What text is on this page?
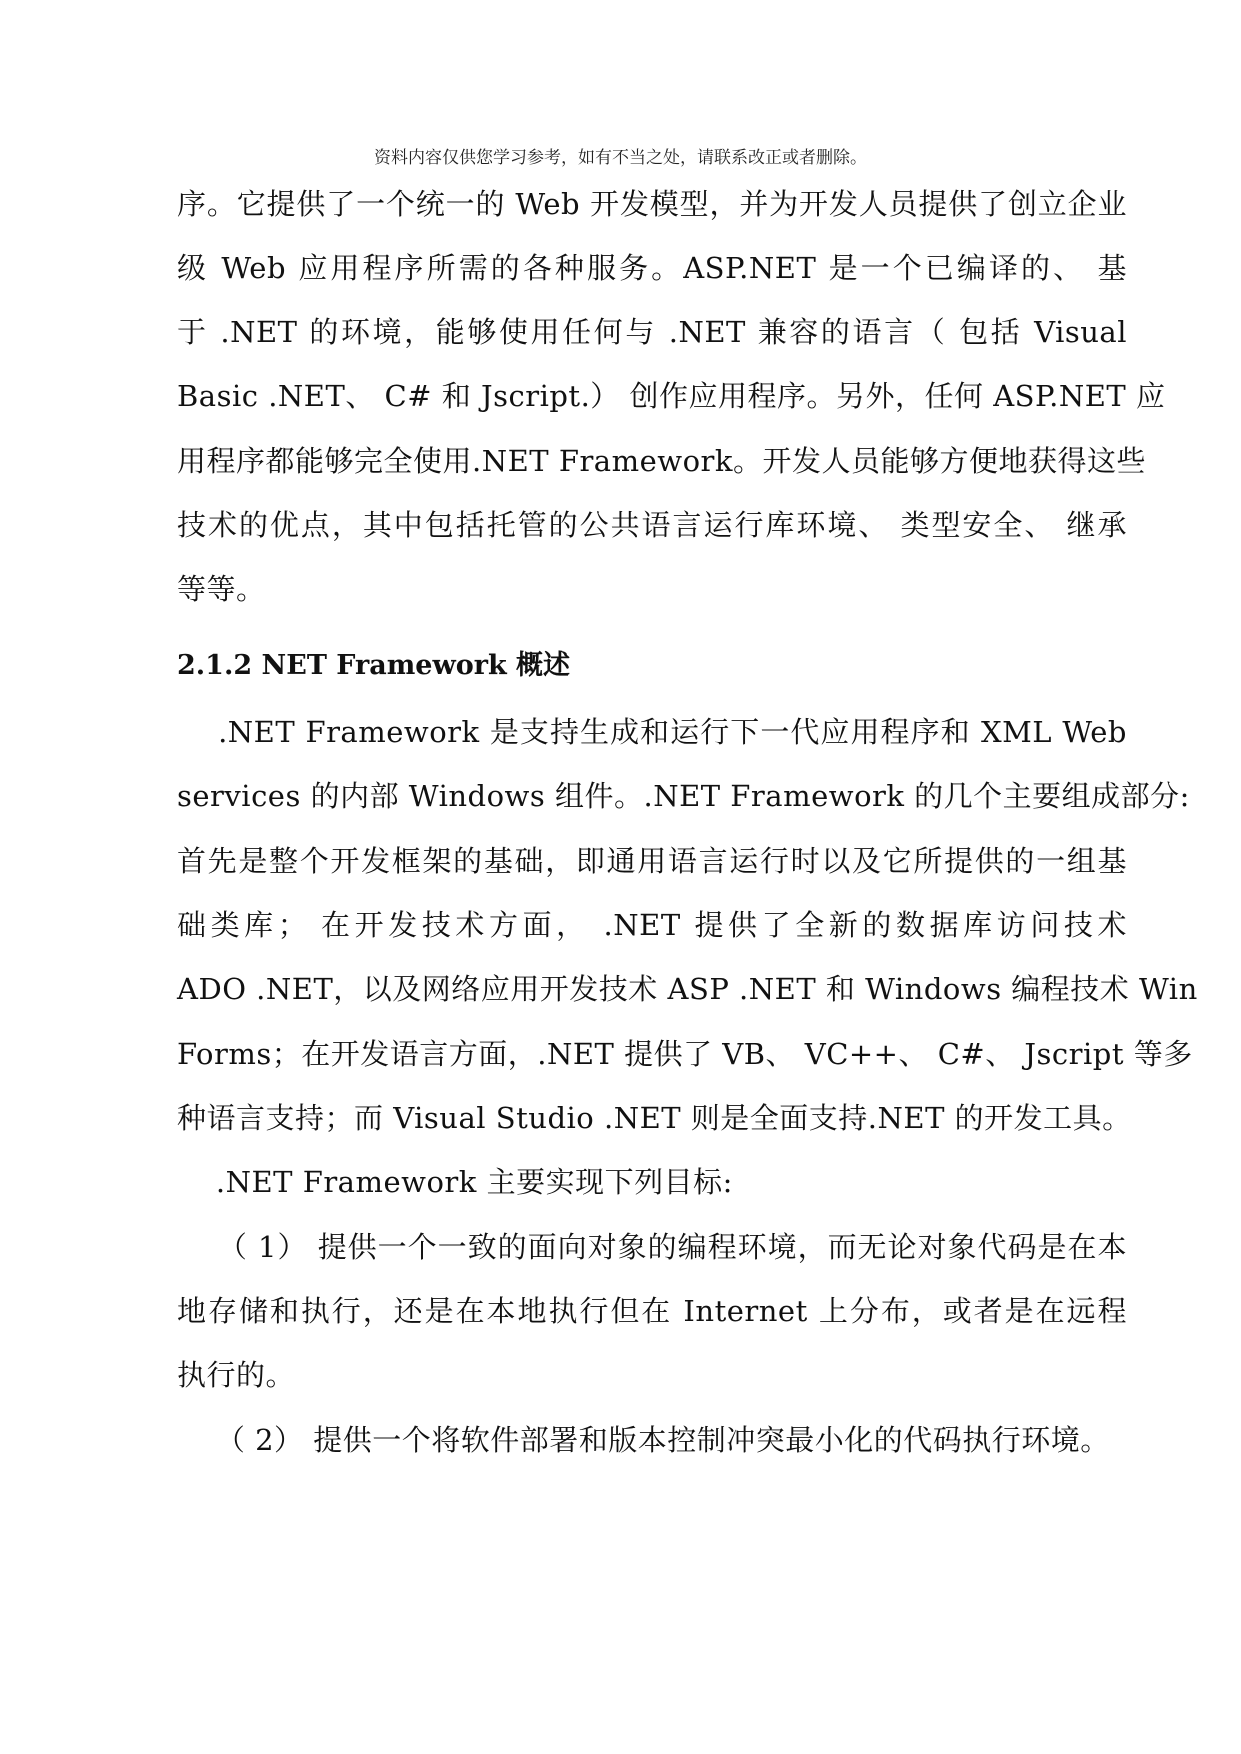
资料内容仅供您学习参考，如有不当之处，请联系改正或者删除。
序。它提供了一个统一的 Web 开发模型，并为开发人员提供了创立企业
级 Web 应用程序所需的各种服务。ASP.NET 是一个已编译的、 基
于 .NET 的环境，能够使用任何与 .NET 兼容的语言（ 包括 Visual
Basic .NET、 C# 和 Jscript.） 创作应用程序。另外，任何 ASP.NET 应
用程序都能够完全使用.NET Framework。开发人员能够方便地获得这些
技术的优点，其中包括托管的公共语言运行库环境、 类型安全、 继承
等等。
2.1.2 NET Framework 概述
.NET Framework 是支持生成和运行下一代应用程序和 XML Web
services 的内部 Windows 组件。.NET Framework 的几个主要组成部分:
首先是整个开发框架的基础，即通用语言运行时以及它所提供的一组基
础类库； 在开发技术方面， .NET 提供了全新的数据库访问技术
ADO .NET，以及网络应用开发技术 ASP .NET 和 Windows 编程技术 Win
Forms；在开发语言方面，.NET 提供了 VB、 VC++、 C#、 Jscript 等多
种语言支持；而 Visual Studio .NET 则是全面支持.NET 的开发工具。
.NET Framework 主要实现下列目标:
（ 1） 提供一个一致的面向对象的编程环境，而无论对象代码是在本
地存储和执行，还是在本地执行但在 Internet 上分布，或者是在远程
执行的。
（ 2） 提供一个将软件部署和版本控制冲突最小化的代码执行环境。
